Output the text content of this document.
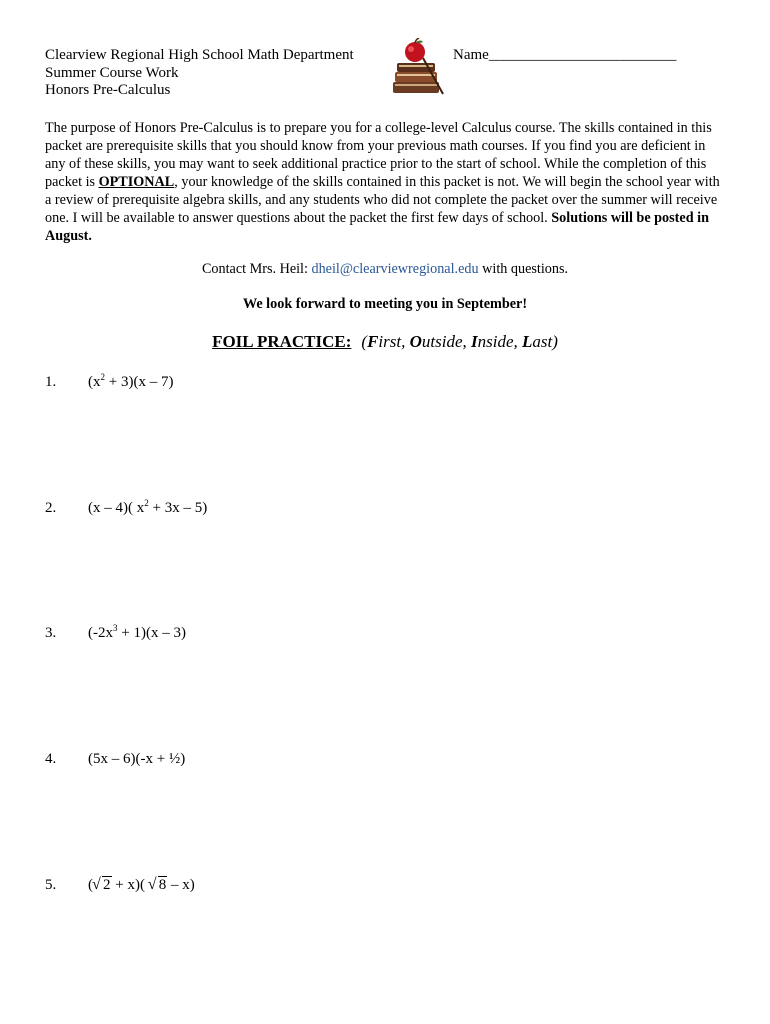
Clearview Regional High School Math Department
Summer Course Work
Honors Pre-Calculus
Name_________________________

The purpose of Honors Pre-Calculus is to prepare you for a college-level Calculus course. The skills contained in this packet are prerequisite skills that you should know from your previous math courses. If you find you are deficient in any of these skills, you may want to seek additional practice prior to the start of school. While the completion of this packet is OPTIONAL, your knowledge of the skills contained in this packet is not. We will begin the school year with a review of prerequisite algebra skills, and any students who did not complete the packet over the summer will receive one. I will be available to answer questions about the packet the first few days of school. Solutions will be posted in August.

Contact Mrs. Heil: dheil@clearviewregional.edu with questions.
We look forward to meeting you in September!
FOIL PRACTICE: (First, Outside, Inside, Last)
1. $(x^2 + 3)(x - 7)$
2. (x – 4)( $x^2 + 3x - 5$)
3. $(-2x^3 + 1)(x - 3)$
4. (5x – 6)(-x + ½)
5. (√ 2 + x)( √ 8 – x)
